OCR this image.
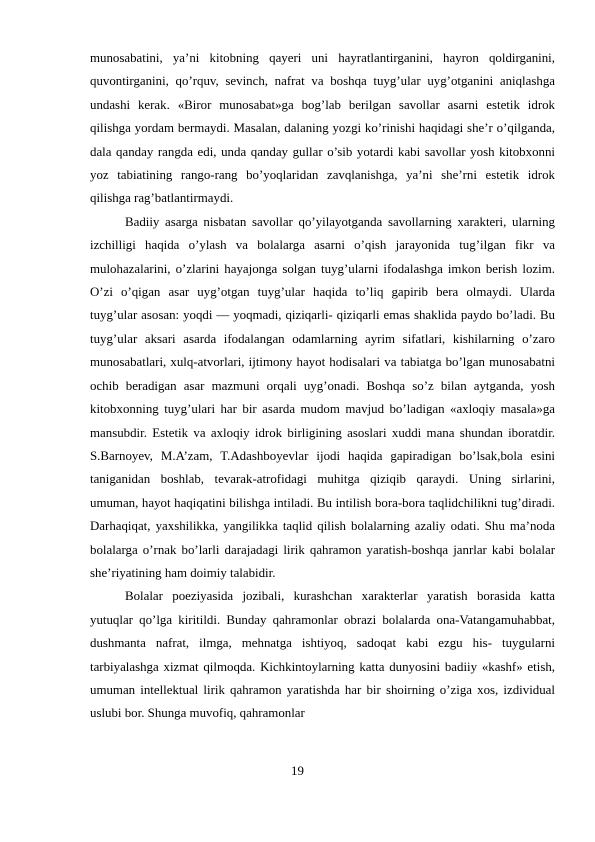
munosabatini, ya’ni kitobning qayeri uni hayratlantirganini, hayron qoldirganini, quvontirganini, qo’rquv, sevinch, nafrat va boshqa tuyg’ular uyg’otganini aniqlashga undashi kerak. «Biror munosabat»ga bog’lab berilgan savollar asarni estetik idrok qilishga yordam bermaydi. Masalan, dalaning yozgi ko’rinishi haqidagi she’r o’qilganda, dala qanday rangda edi, unda qanday gullar o’sib yotardi kabi savollar yosh kitobxonni yoz tabiatining rango-rang bo’yoqlaridan zavqlanishga, ya’ni she’rni estetik idrok qilishga rag’batlantirmaydi.

Badiiy asarga nisbatan savollar qo’yilayotganda savollarning xarakteri, ularning izchilligi haqida o’ylash va bolalarga asarni o’qish jarayonida tug’ilgan fikr va mulohazalarini, o’zlarini hayajonga solgan tuyg’ularni ifodalashga imkon berish lozim. O’zi o’qigan asar uyg’otgan tuyg’ular haqida to’liq gapirib bera olmaydi. Ularda tuyg’ular asosan: yoqdi — yoqmadi, qiziqarli- qiziqarli emas shaklida paydo bo’ladi. Bu tuyg’ular aksari asarda ifodalangan odamlarning ayrim sifatlari, kishilarning o’zaro munosabatlari, xulq-atvorlari, ijtimony hayot hodisalari va tabiatga bo’lgan munosabatni ochib beradigan asar mazmuni orqali uyg’onadi. Boshqa so’z bilan aytganda, yosh kitobxonning tuyg’ulari har bir asarda mudom mavjud bo’ladigan «axloqiy masala»ga mansubdir. Estetik va axloqiy idrok birligining asoslari xuddi mana shundan iboratdir. S.Barnoyev, M.A’zam, T.Adashboyevlar ijodi haqida gapiradigan bo’lsak,bola esini taniganidan boshlab, tevarak-atrofidagi muhitga qiziqib qaraydi. Uning sirlarini, umuman, hayot haqiqatini bilishga intiladi. Bu intilish bora-bora taqlidchilikni tug’diradi. Darhaqiqat, yaxshilikka, yangilikka taqlid qilish bolalarning azaliy odati. Shu ma’noda bolalarga o’rnak bo’larli darajadagi lirik qahramon yaratish-boshqa janrlar kabi bolalar she’riyatining ham doimiy talabidir.

Bolalar poeziyasida jozibali, kurashchan xarakterlar yaratish borasida katta yutuqlar qo’lga kiritildi. Bunday qahramonlar obrazi bolalarda ona-Vatangamuhabbat, dushmanta nafrat, ilmga, mehnatga ishtiyoq, sadoqat kabi ezgu his- tuygularni tarbiyalashga xizmat qilmoqda. Kichkintoylarning katta dunyosini badiiy «kashf» etish, umuman intellektual lirik qahramon yaratishda har bir shoirning o’ziga xos, izdividual uslubi bor. Shunga muvofiq, qahramonlar

19
